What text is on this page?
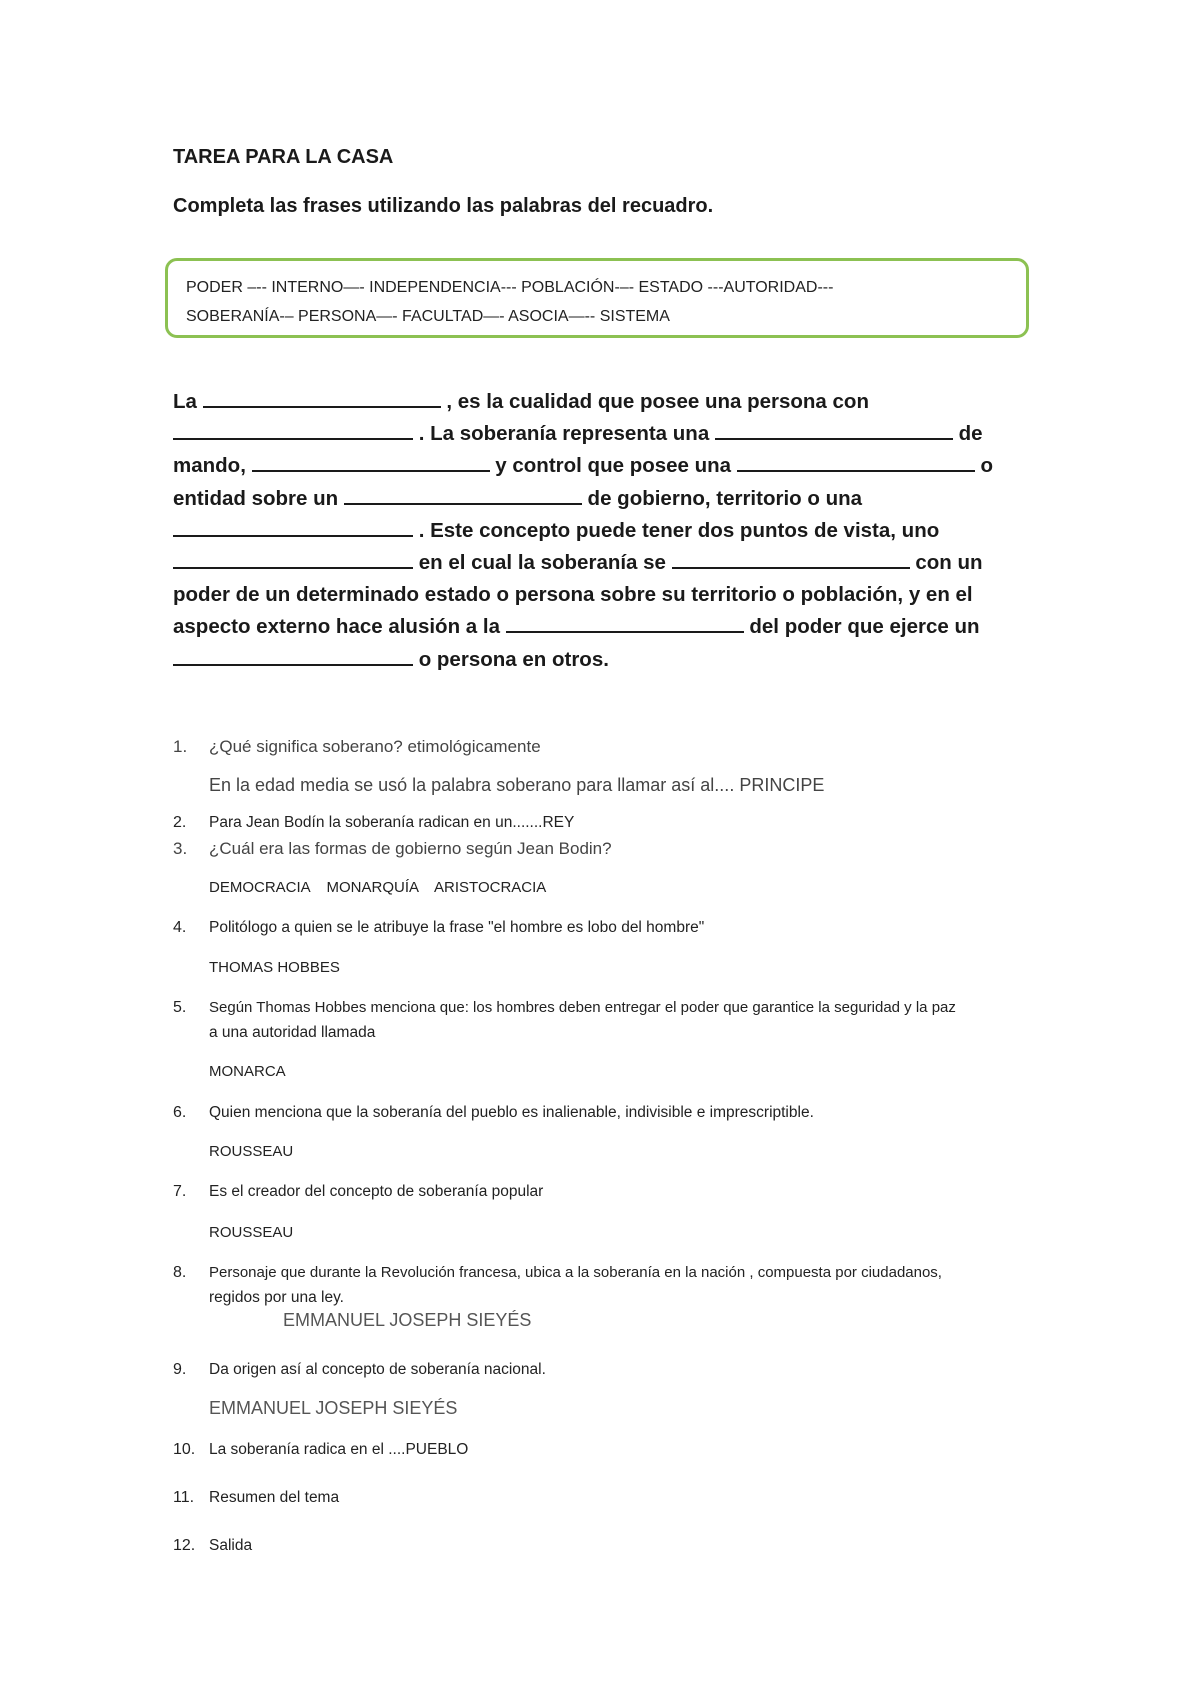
TAREA PARA LA CASA
Completa las frases utilizando las palabras del recuadro.
PODER –-- INTERNO—- INDEPENDENCIA--- POBLACIÓN-–- ESTADO ---AUTORIDAD---
SOBERANÍA-– PERSONA—- FACULTAD—- ASOCIA—-- SISTEMA
La	, es la cualidad que posee una persona con
. La soberanía representa una	de
mando,	y control que posee una	o
entidad sobre un	de gobierno, territorio o una
. Este concepto puede tener dos puntos de vista, uno
en el cual la soberanía se	con un
poder de un determinado estado o persona sobre su territorio o población, y en el
aspecto externo hace alusión a la	del poder que ejerce un
o persona en otros.
1. ¿Qué significa soberano? etimológicamente
En la edad media se usó la palabra soberano para llamar así al.... PRINCIPE
2. Para Jean Bodín la soberanía radican en un.......REY
3. ¿Cuál era las formas de gobierno según Jean Bodin?
DEMOCRACIA    MONARQUÍA    ARISTOCRACIA
4. Politólogo a quien se le atribuye la frase "el hombre es lobo del hombre"
THOMAS HOBBES
5. Según Thomas Hobbes menciona que: los hombres deben entregar el poder que garantice la seguridad y la paz
a una autoridad llamada
MONARCA
6. Quien menciona que la soberanía del pueblo es inalienable, indivisible e imprescriptible.
ROUSSEAU
7. Es el creador del concepto de soberanía popular
ROUSSEAU
8. Personaje que durante la Revolución francesa, ubica a la soberanía en la nación , compuesta por ciudadanos,
regidos por una ley.
EMMANUEL JOSEPH SIEYÉS
9. Da origen así al concepto de soberanía nacional.
EMMANUEL JOSEPH SIEYÉS
10. La soberanía radica en el ....PUEBLO
11. Resumen del tema
12. Salida
